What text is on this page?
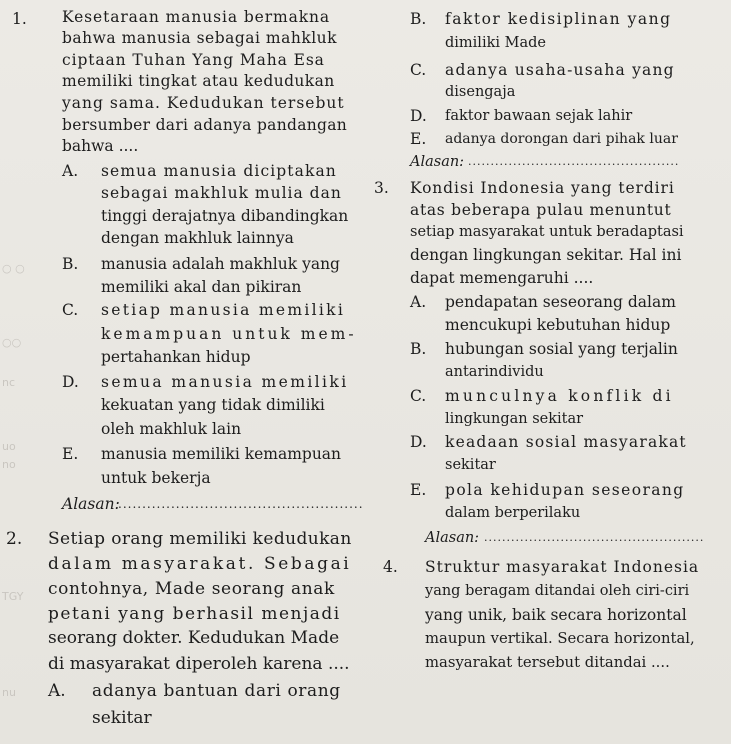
○ ○
○○
nc
uo
no
TGY
nu
1. Kesetaraan manusia bermakna
bahwa manusia sebagai mahkluk
ciptaan Tuhan Yang Maha Esa
memiliki tingkat atau kedudukan
yang sama. Kedudukan tersebut
bersumber dari adanya pandangan
bahwa ....
A. semua manusia diciptakan
sebagai makhluk mulia dan
tinggi derajatnya dibandingkan
dengan makhluk lainnya
B. manusia adalah makhluk yang
memiliki akal dan pikiran
C. setiap manusia memiliki
kemampuan untuk mem-
pertahankan hidup
D. semua manusia memiliki
kekuatan yang tidak dimiliki
oleh makhluk lain
E. manusia memiliki kemampuan
untuk bekerja
Alasan:
...................................................
2. Setiap orang memiliki kedudukan
dalam masyarakat. Sebagai
contohnya, Made seorang anak
petani yang berhasil menjadi
seorang dokter. Kedudukan Made
di masyarakat diperoleh karena ....
A. adanya bantuan dari orang
sekitar
B. faktor kedisiplinan yang
dimiliki Made
C. adanya usaha-usaha yang
disengaja
D. faktor bawaan sejak lahir
E. adanya dorongan dari pihak luar
Alasan: ...............................................
3. Kondisi Indonesia yang terdiri
atas beberapa pulau menuntut
setiap masyarakat untuk beradaptasi
dengan lingkungan sekitar. Hal ini
dapat memengaruhi ....
A. pendapatan seseorang dalam
mencukupi kebutuhan hidup
B. hubungan sosial yang terjalin
antarindividu
C. munculnya konflik di
lingkungan sekitar
D. keadaan sosial masyarakat
sekitar
E. pola kehidupan seseorang
dalam berperilaku
Alasan: .................................................
4. Struktur masyarakat Indonesia
yang beragam ditandai oleh ciri-ciri
yang unik, baik secara horizontal
maupun vertikal. Secara horizontal,
masyarakat tersebut ditandai ....
